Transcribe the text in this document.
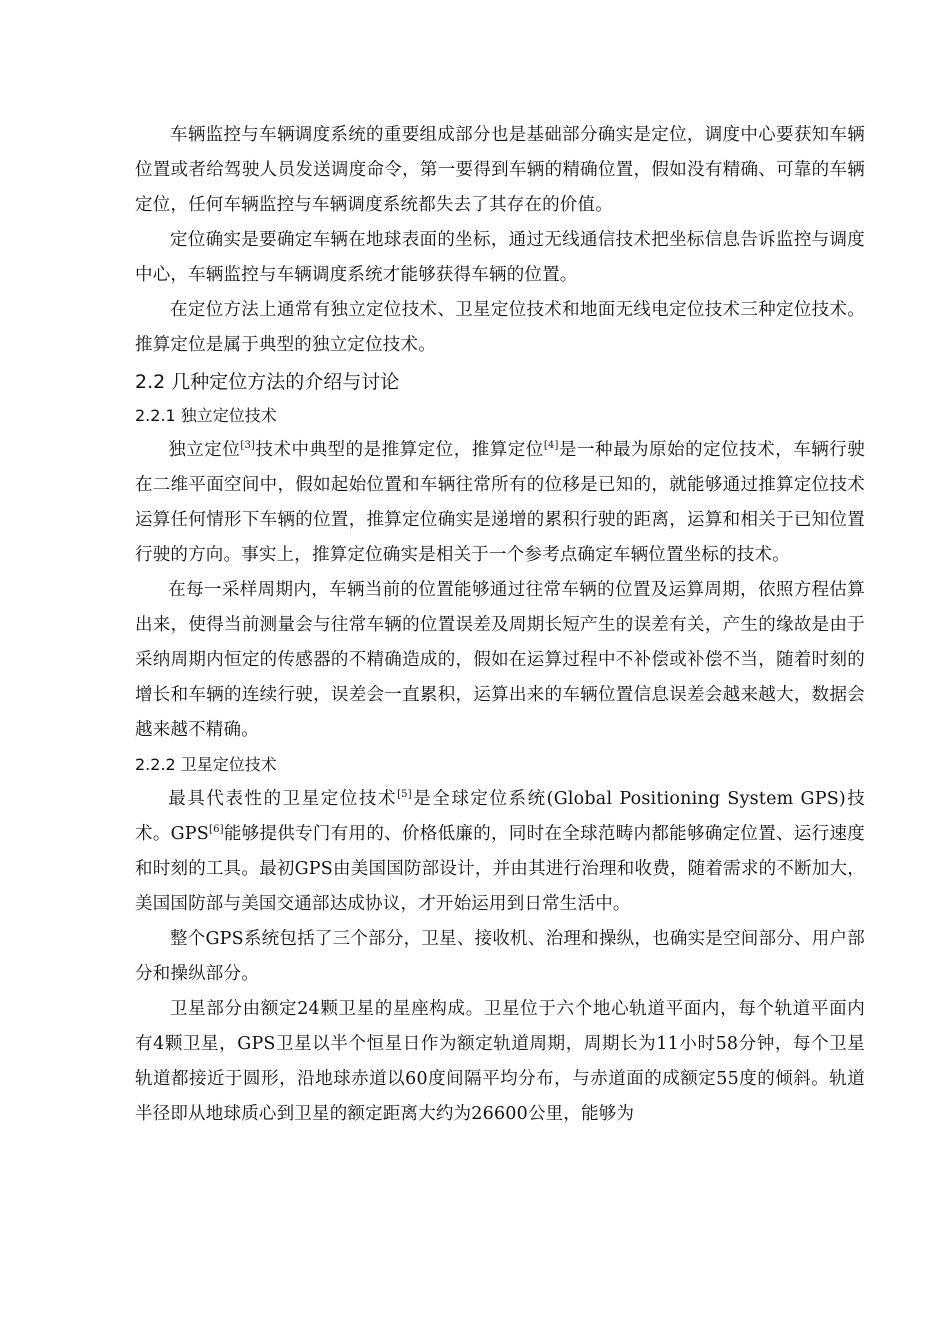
车辆监控与车辆调度系统的重要组成部分也是基础部分确实是定位，调度中心要获知车辆位置或者给驾驶人员发送调度命令，第一要得到车辆的精确位置，假如没有精确、可靠的车辆定位，任何车辆监控与车辆调度系统都失去了其存在的价值。

定位确实是要确定车辆在地球表面的坐标，通过无线通信技术把坐标信息告诉监控与调度中心，车辆监控与车辆调度系统才能够获得车辆的位置。

在定位方法上通常有独立定位技术、卫星定位技术和地面无线电定位技术三种定位技术。推算定位是属于典型的独立定位技术。

2.2 几种定位方法的介绍与讨论
2.2.1 独立定位技术

独立定位[3]技术中典型的是推算定位，推算定位[4]是一种最为原始的定位技术，车辆行驶在二维平面空间中，假如起始位置和车辆往常所有的位移是已知的，就能够通过推算定位技术运算任何情形下车辆的位置，推算定位确实是递增的累积行驶的距离，运算和相关于已知位置行驶的方向。事实上，推算定位确实是相关于一个参考点确定车辆位置坐标的技术。

在每一采样周期内，车辆当前的位置能够通过往常车辆的位置及运算周期，依照方程估算出来，使得当前测量会与往常车辆的位置误差及周期长短产生的误差有关，产生的缘故是由于采纳周期内恒定的传感器的不精确造成的，假如在运算过程中不补偿或补偿不当，随着时刻的增长和车辆的连续行驶，误差会一直累积，运算出来的车辆位置信息误差会越来越大，数据会越来越不精确。

2.2.2 卫星定位技术

最具代表性的卫星定位技术[5]是全球定位系统(Global Positioning System GPS)技术。GPS[6]能够提供专门有用的、价格低廉的，同时在全球范畴内都能够确定位置、运行速度和时刻的工具。最初GPS由美国国防部设计，并由其进行治理和收费，随着需求的不断加大，美国国防部与美国交通部达成协议，才开始运用到日常生活中。

整个GPS系统包括了三个部分，卫星、接收机、治理和操纵，也确实是空间部分、用户部分和操纵部分。

卫星部分由额定24颗卫星的星座构成。卫星位于六个地心轨道平面内，每个轨道平面内有4颗卫星，GPS卫星以半个恒星日作为额定轨道周期，周期长为11小时58分钟，每个卫星轨道都接近于圆形，沿地球赤道以60度间隔平均分布，与赤道面的成额定55度的倾斜。轨道半径即从地球质心到卫星的额定距离大约为26600公里，能够为
